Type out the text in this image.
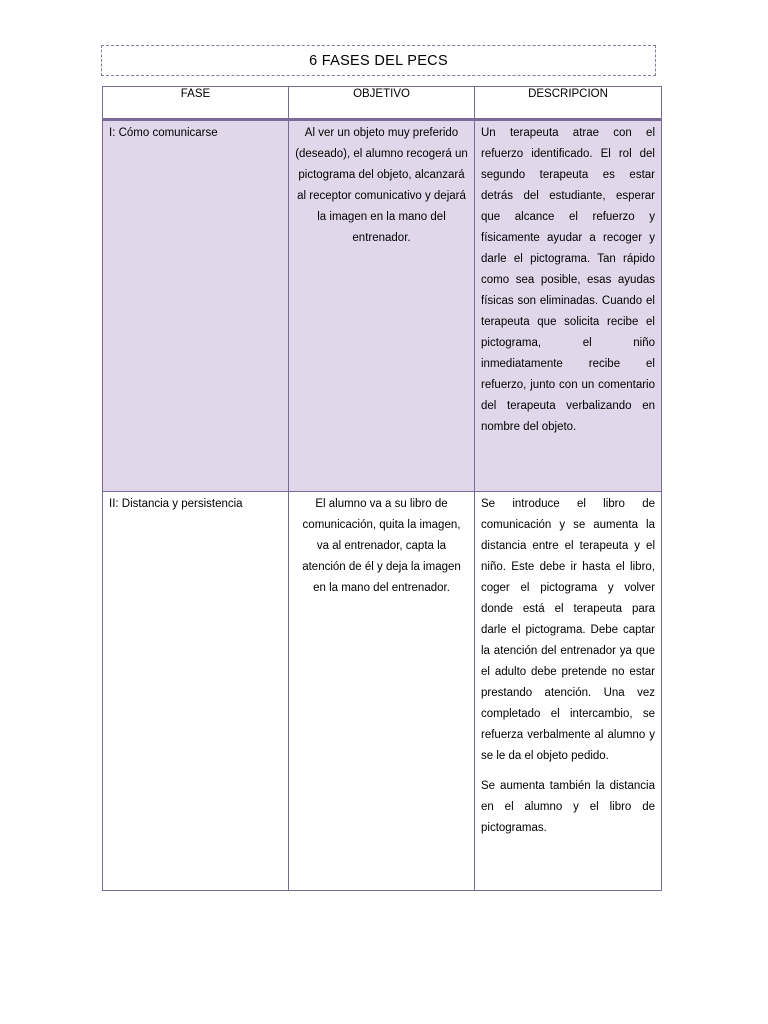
6 FASES DEL PECS
FASE	OBJETIVO	DESCRIPCION
I: Cómo comunicarse	Al ver un objeto muy preferido (deseado), el alumno recogerá un pictograma del objeto, alcanzará al receptor comunicativo y dejará la imagen en la mano del entrenador.	Un terapeuta atrae con el refuerzo identificado. El rol del segundo terapeuta es estar detrás del estudiante, esperar que alcance el refuerzo y físicamente ayudar a recoger y darle el pictograma. Tan rápido como sea posible, esas ayudas físicas son eliminadas. Cuando el terapeuta que solicita recibe el pictograma, el niño inmediatamente recibe el refuerzo, junto con un comentario del terapeuta verbalizando en nombre del objeto.

II: Distancia y persistencia	El alumno va a su libro de comunicación, quita la imagen, va al entrenador, capta la atención de él y deja la imagen en la mano del entrenador.	Se introduce el libro de comunicación y se aumenta la distancia entre el terapeuta y el niño. Este debe ir hasta el libro, coger el pictograma y volver donde está el terapeuta para darle el pictograma. Debe captar la atención del entrenador ya que el adulto debe pretende no estar prestando atención. Una vez completado el intercambio, se refuerza verbalmente al alumno y se le da el objeto pedido.

Se aumenta también la distancia en el alumno y el libro de pictogramas.
